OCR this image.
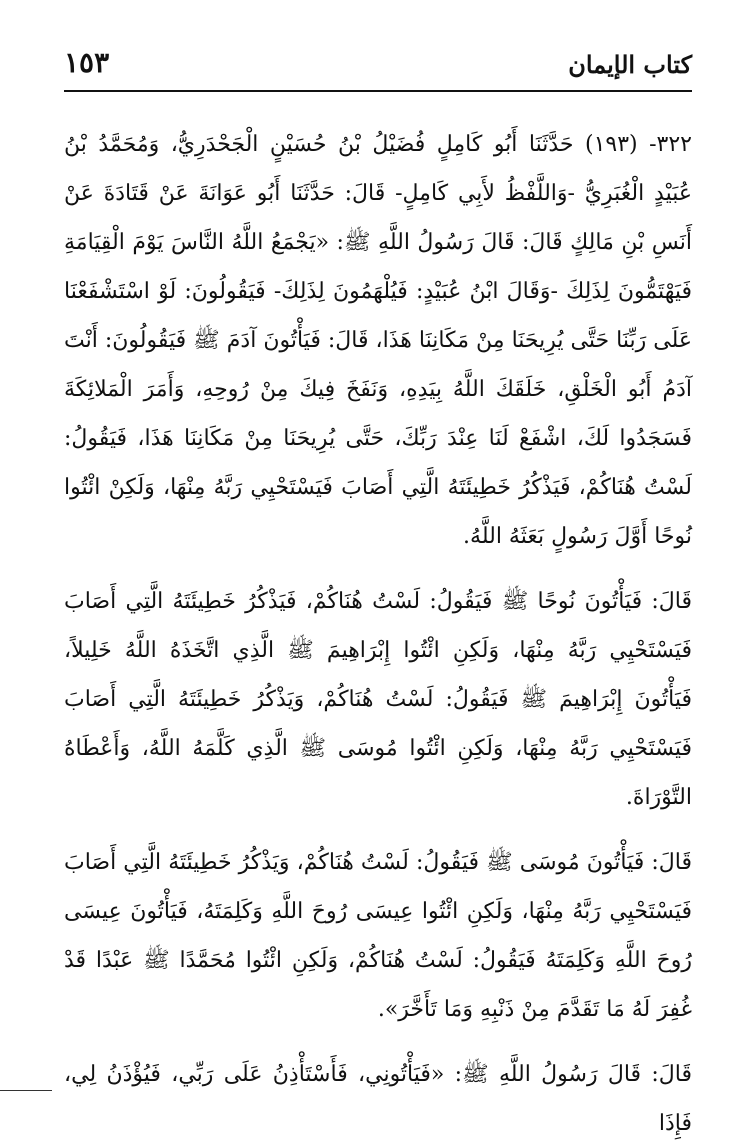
كتاب الإيمان
١٥٣

٣٢٢- (١٩٣) حَدَّثَنَا أَبُو كَامِلٍ فُضَيْلُ بْنُ حُسَيْنٍ الْجَحْدَرِيُّ، وَمُحَمَّدُ بْنُ عُبَيْدٍ الْغُبَرِيُّ -وَاللَّفْظُ لأَبِي كَامِلٍ- قَالَ: حَدَّثَنَا أَبُو عَوَانَةَ عَنْ قَتَادَةَ عَنْ أَنَسِ بْنِ مَالِكٍ قَالَ: قَالَ رَسُولُ اللَّهِ ﷺ: «يَجْمَعُ اللَّهُ النَّاسَ يَوْمَ الْقِيَامَةِ فَيَهْتَمُّونَ لِذَلِكَ -وَقَالَ ابْنُ عُبَيْدٍ: فَيُلْهَمُونَ لِذَلِكَ- فَيَقُولُونَ: لَوْ اسْتَشْفَعْنَا عَلَى رَبِّنَا حَتَّى يُرِيحَنَا مِنْ مَكَانِنَا هَذَا، قَالَ: فَيَأْتُونَ آدَمَ ﷺ فَيَقُولُونَ: أَنْتَ آدَمُ أَبُو الْخَلْقِ، خَلَقَكَ اللَّهُ بِيَدِهِ، وَنَفَخَ فِيكَ مِنْ رُوحِهِ، وَأَمَرَ الْمَلائِكَةَ فَسَجَدُوا لَكَ، اشْفَعْ لَنَا عِنْدَ رَبِّكَ، حَتَّى يُرِيحَنَا مِنْ مَكَانِنَا هَذَا، فَيَقُولُ: لَسْتُ هُنَاكُمْ، فَيَذْكُرُ خَطِيئَتَهُ الَّتِي أَصَابَ فَيَسْتَحْيِي رَبَّهُ مِنْهَا، وَلَكِنْ ائْتُوا نُوحًا أَوَّلَ رَسُولٍ بَعَثَهُ اللَّهُ.

قَالَ: فَيَأْتُونَ نُوحًا ﷺ فَيَقُولُ: لَسْتُ هُنَاكُمْ، فَيَذْكُرُ خَطِيئَتَهُ الَّتِي أَصَابَ فَيَسْتَحْيِي رَبَّهُ مِنْهَا، وَلَكِنِ ائْتُوا إِبْرَاهِيمَ ﷺ الَّذِي اتَّخَذَهُ اللَّهُ خَلِيلاً، فَيَأْتُونَ إِبْرَاهِيمَ ﷺ فَيَقُولُ: لَسْتُ هُنَاكُمْ، وَيَذْكُرُ خَطِيئَتَهُ الَّتِي أَصَابَ فَيَسْتَحْيِي رَبَّهُ مِنْهَا، وَلَكِنِ ائْتُوا مُوسَى ﷺ الَّذِي كَلَّمَهُ اللَّهُ، وَأَعْطَاهُ التَّوْرَاةَ.

قَالَ: فَيَأْتُونَ مُوسَى ﷺ فَيَقُولُ: لَسْتُ هُنَاكُمْ، وَيَذْكُرُ خَطِيئَتَهُ الَّتِي أَصَابَ فَيَسْتَحْيِي رَبَّهُ مِنْهَا، وَلَكِنِ ائْتُوا عِيسَى رُوحَ اللَّهِ وَكَلِمَتَهُ، فَيَأْتُونَ عِيسَى رُوحَ اللَّهِ وَكَلِمَتَهُ فَيَقُولُ: لَسْتُ هُنَاكُمْ، وَلَكِنِ ائْتُوا مُحَمَّدًا ﷺ عَبْدًا قَدْ غُفِرَ لَهُ مَا تَقَدَّمَ مِنْ ذَنْبِهِ وَمَا تَأَخَّرَ».

قَالَ: قَالَ رَسُولُ اللَّهِ ﷺ: «فَيَأْتُونِي، فَأَسْتَأْذِنُ عَلَى رَبِّي، فَيُؤْذَنُ لِي، فَإِذَا
